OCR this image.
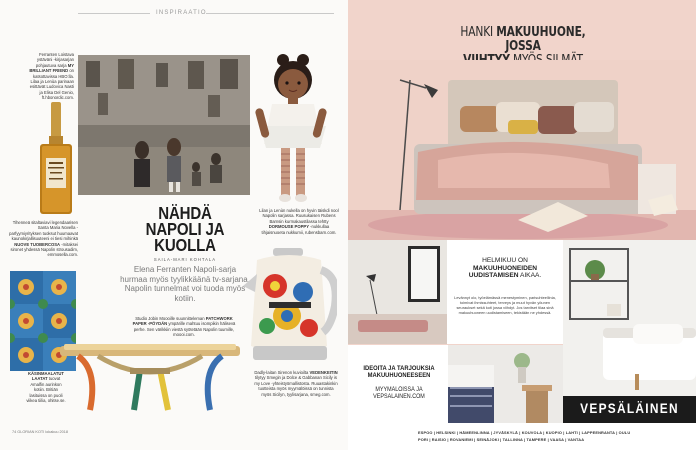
INSPIRAATIO
Ferranten Loistava ystäväni -kirjasarjan pohjautuva sarja MY BRILLIANT FRIEND on katsottavissa HBO:lla. Lilaa ja Lenùa parinaan esittävät Ludovica Nasti ja Elisa Del Genio, ft.hbonordic.com.
Tihenneä sitaltaviavi legendaarisen Santa Maria Novella -parfyymiyrityksen tuoksut huumaavat kaunokirjallisuuteeni ei tiesi mihinkä NUOVE TUOBERCOSA -mitaksei sironet yhdessä Napolin strousadim, emmosella.com.
Lilan ja Lenùn nukella on hyvin täiskdi nool Napolin sarjassa. Ruusukaisen Rubens Barnsin kurmakaustilassa tehtty DORMOUSE POPPY -nukkullaa tihjaisnuoeta nukkumii, rubensbarn.com.
NÄHDÄ NAPOLI JA KUOLLA
SAILA-MARI KOHTALA
Elena Ferranten Napoli-sarja hurmaa myös tyylikkäänä tv-sarjana. Napolin tunnelmat voi tuoda myös kotiin.
Studio Jobin Moooille suunnitteleman PATCHWORK PAPER -PÖYDÄN ympärille mahtuu isompikin hälisevä perhe. Sen värikkiin viestä syötetään Napolin tuumille, moooi.com.
KÄSINMAALATUT LAATAT tuovat Amalfin aurinkon kotiin. Britiän lasituissa on puoli viikea tiilia, ohitse.se.
Dadly-laitan Sirenon kuvioilta VEDENKEITIN tilytyy Smegin ja Dolce & Gabbanan Sicily is my Love -yhteistyömallistosta. Ruuastakinkin tuotteista myös myymälöissä on tunnista myös Sicilyn, tyylisarjana, smeg.com.
74 GLORIAN KOTI lokakuu 2018
HANKI MAKUUHUONE, JOSSA

HELMIKUU ON
MAKUUHUONEIDEN
UUDISTAMISEN AIKAA.
Levännyt olo, työelämässä menestyminen, parisuhteellinia, toimivat ihmissuhteet, terveys ja muut hyvän yöunen seuraukset sekä koti jossa viihdyt. Jos tarvitset tilaa sinä makuuhuoneen uudistamiseen, tekistään ne yhdessä.
IDEOITA JA TARJOUKSIA MAKUUHUONEESEEN
MYYMÄLÖISSÄ JA VEPSALAINEN.COM
VEPSÄLÄINEN
ESPOO | HELSINKI | HÄMEENLINNA | JYVÄSKYLÄ | KOUVOLA | KUOPIO | LAHTI | LAPPEENRANTA | OULU
PORI | RAISIO | ROVANIEMI | SEINÄJOKI | TALLINNA | TAMPERE | VAASA | VANTAA
